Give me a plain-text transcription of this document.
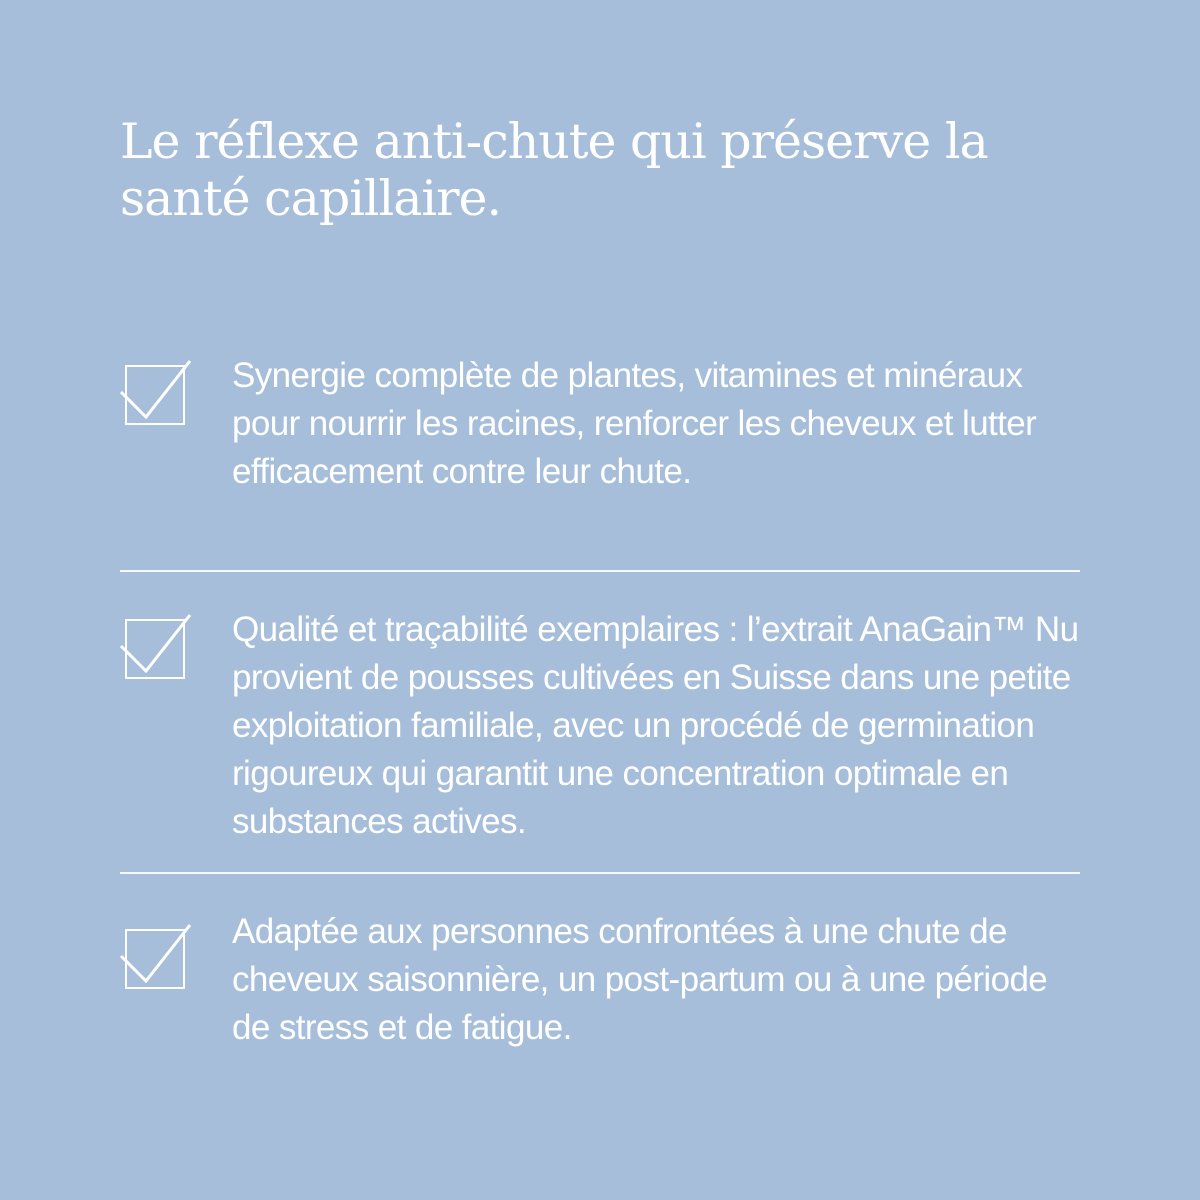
Le réflexe anti-chute qui préserve la santé capillaire.

Synergie complète de plantes, vitamines et minéraux pour nourrir les racines, renforcer les cheveux et lutter efficacement contre leur chute.

Qualité et traçabilité exemplaires : l’extrait AnaGain™ Nu provient de pousses cultivées en Suisse dans une petite exploitation familiale, avec un procédé de germination rigoureux qui garantit une concentration optimale en substances actives.

Adaptée aux personnes confrontées à une chute de cheveux saisonnière, un post-partum ou à une période de stress et de fatigue.
